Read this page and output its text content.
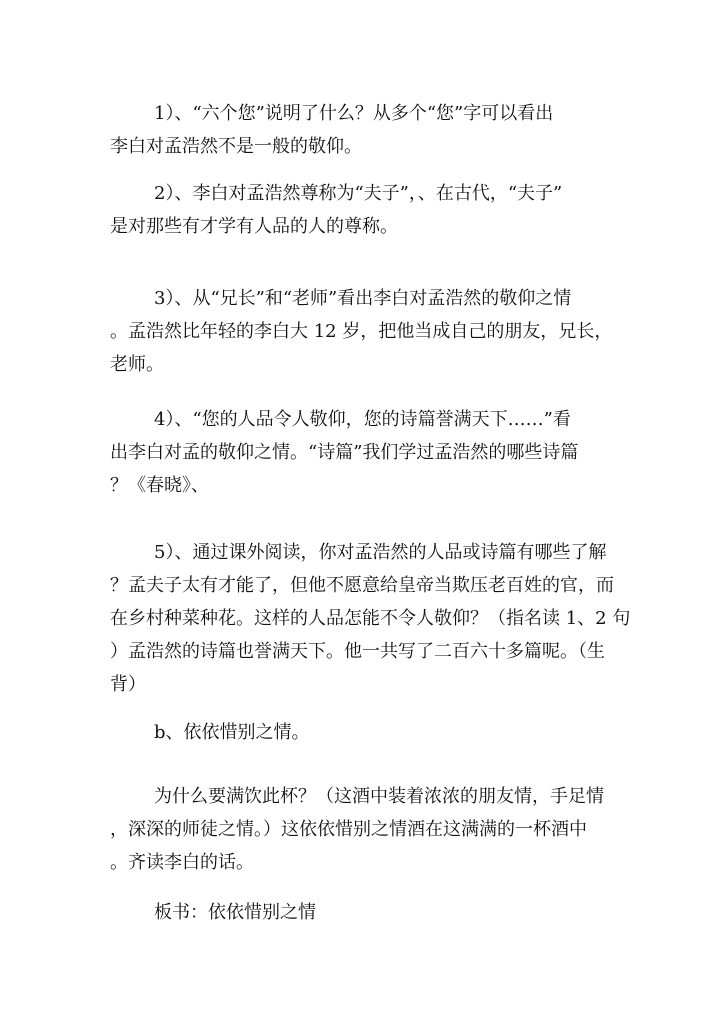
1）、“六个您”说明了什么？从多个“您”字可以看出
李白对孟浩然不是一般的敬仰。
2）、李白对孟浩然尊称为“夫子”，、在古代，“夫子”
是对那些有才学有人品的人的尊称。
3）、从“兄长”和“老师”看出李白对孟浩然的敬仰之情
。孟浩然比年轻的李白大 12 岁，把他当成自己的朋友，兄长，
老师。
4）、“您的人品令人敬仰，您的诗篇誉满天下……”看
出李白对孟的敬仰之情。“诗篇”我们学过孟浩然的哪些诗篇
？《春晓》、
5）、通过课外阅读，你对孟浩然的人品或诗篇有哪些了解
？孟夫子太有才能了，但他不愿意给皇帝当欺压老百姓的官，而
在乡村种菜种花。这样的人品怎能不令人敬仰？（指名读 1、2 句
）孟浩然的诗篇也誉满天下。他一共写了二百六十多篇呢。（生
背）
b、依依惜别之情。
为什么要满饮此杯？（这酒中装着浓浓的朋友情，手足情
，深深的师徒之情。）这依依惜别之情酒在这满满的一杯酒中
。齐读李白的话。
板书：依依惜别之情
